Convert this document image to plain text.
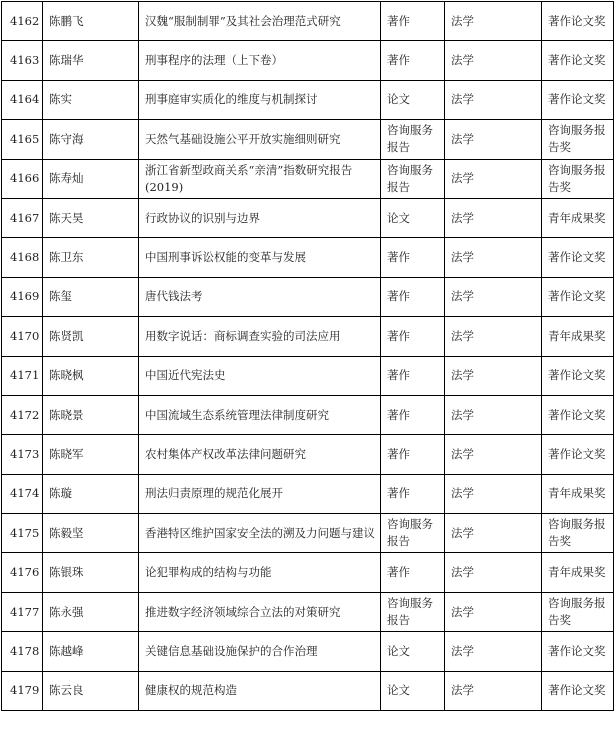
4162	陈鹏飞	汉魏“服制制罪”及其社会治理范式研究	著作	法学	著作论文奖
4163	陈瑞华	刑事程序的法理（上下卷）	著作	法学	著作论文奖
4164	陈实	刑事庭审实质化的维度与机制探讨	论文	法学	著作论文奖
4165	陈守海	天然气基础设施公平开放实施细则研究	咨询服务报告	法学	咨询服务报告奖
4166	陈寿灿	浙江省新型政商关系“亲清”指数研究报告(2019)	咨询服务报告	法学	咨询服务报告奖
4167	陈天昊	行政协议的识别与边界	论文	法学	青年成果奖
4168	陈卫东	中国刑事诉讼权能的变革与发展	著作	法学	著作论文奖
4169	陈玺	唐代钱法考	著作	法学	著作论文奖
4170	陈贤凯	用数字说话：商标调查实验的司法应用	著作	法学	青年成果奖
4171	陈晓枫	中国近代宪法史	著作	法学	著作论文奖
4172	陈晓景	中国流域生态系统管理法律制度研究	著作	法学	著作论文奖
4173	陈晓军	农村集体产权改革法律问题研究	著作	法学	著作论文奖
4174	陈璇	刑法归责原理的规范化展开	著作	法学	青年成果奖
4175	陈毅坚	香港特区维护国家安全法的溯及力问题与建议	咨询服务报告	法学	咨询服务报告奖
4176	陈银珠	论犯罪构成的结构与功能	著作	法学	青年成果奖
4177	陈永强	推进数字经济领域综合立法的对策研究	咨询服务报告	法学	咨询服务报告奖
4178	陈越峰	关键信息基础设施保护的合作治理	论文	法学	著作论文奖
4179	陈云良	健康权的规范构造	论文	法学	著作论文奖
